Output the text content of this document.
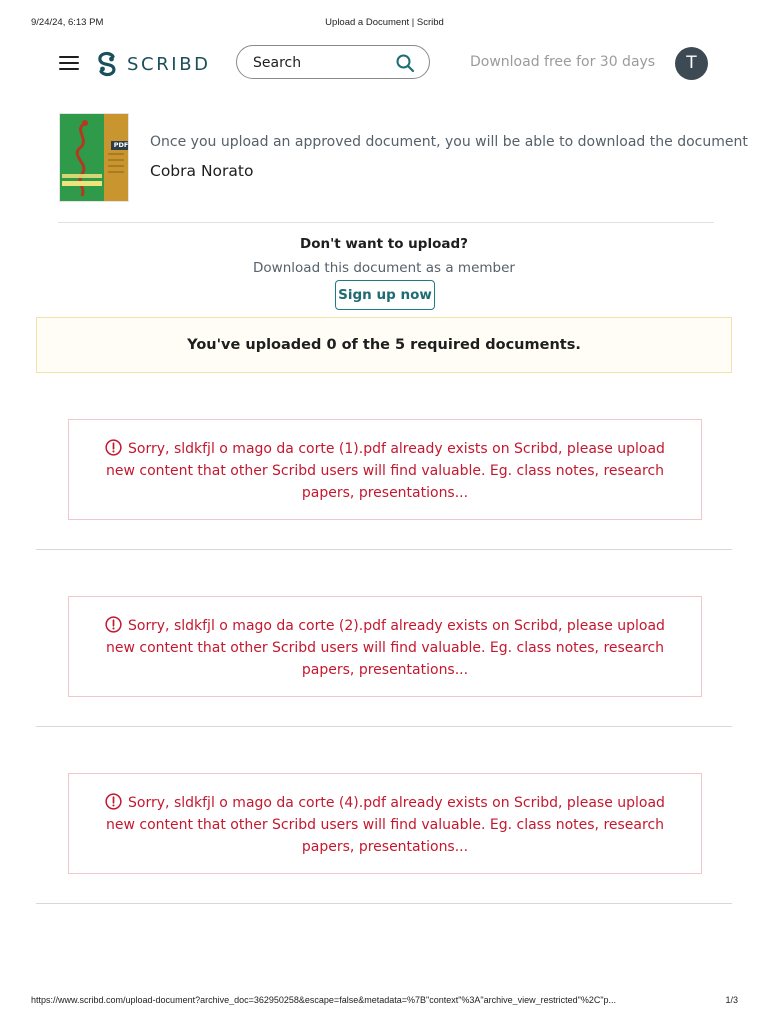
9/24/24, 6:13 PM	Upload a Document | Scribd
SCRIBD
Search	Download free for 30 days	T
PDF Once you upload an approved document, you will be able to download the document
Cobra Norato
Don't want to upload?
Download this document as a member
Sign up now
You've uploaded 0 of the 5 required documents.
Sorry, sldkfjl o mago da corte (1).pdf already exists on Scribd, please upload new content that other Scribd users will find valuable. Eg. class notes, research papers, presentations...
Sorry, sldkfjl o mago da corte (2).pdf already exists on Scribd, please upload new content that other Scribd users will find valuable. Eg. class notes, research papers, presentations...
Sorry, sldkfjl o mago da corte (4).pdf already exists on Scribd, please upload new content that other Scribd users will find valuable. Eg. class notes, research papers, presentations...
https://www.scribd.com/upload-document?archive_doc=362950258&escape=false&metadata=%7B"context"%3A"archive_view_restricted"%2C"p...	1/3
